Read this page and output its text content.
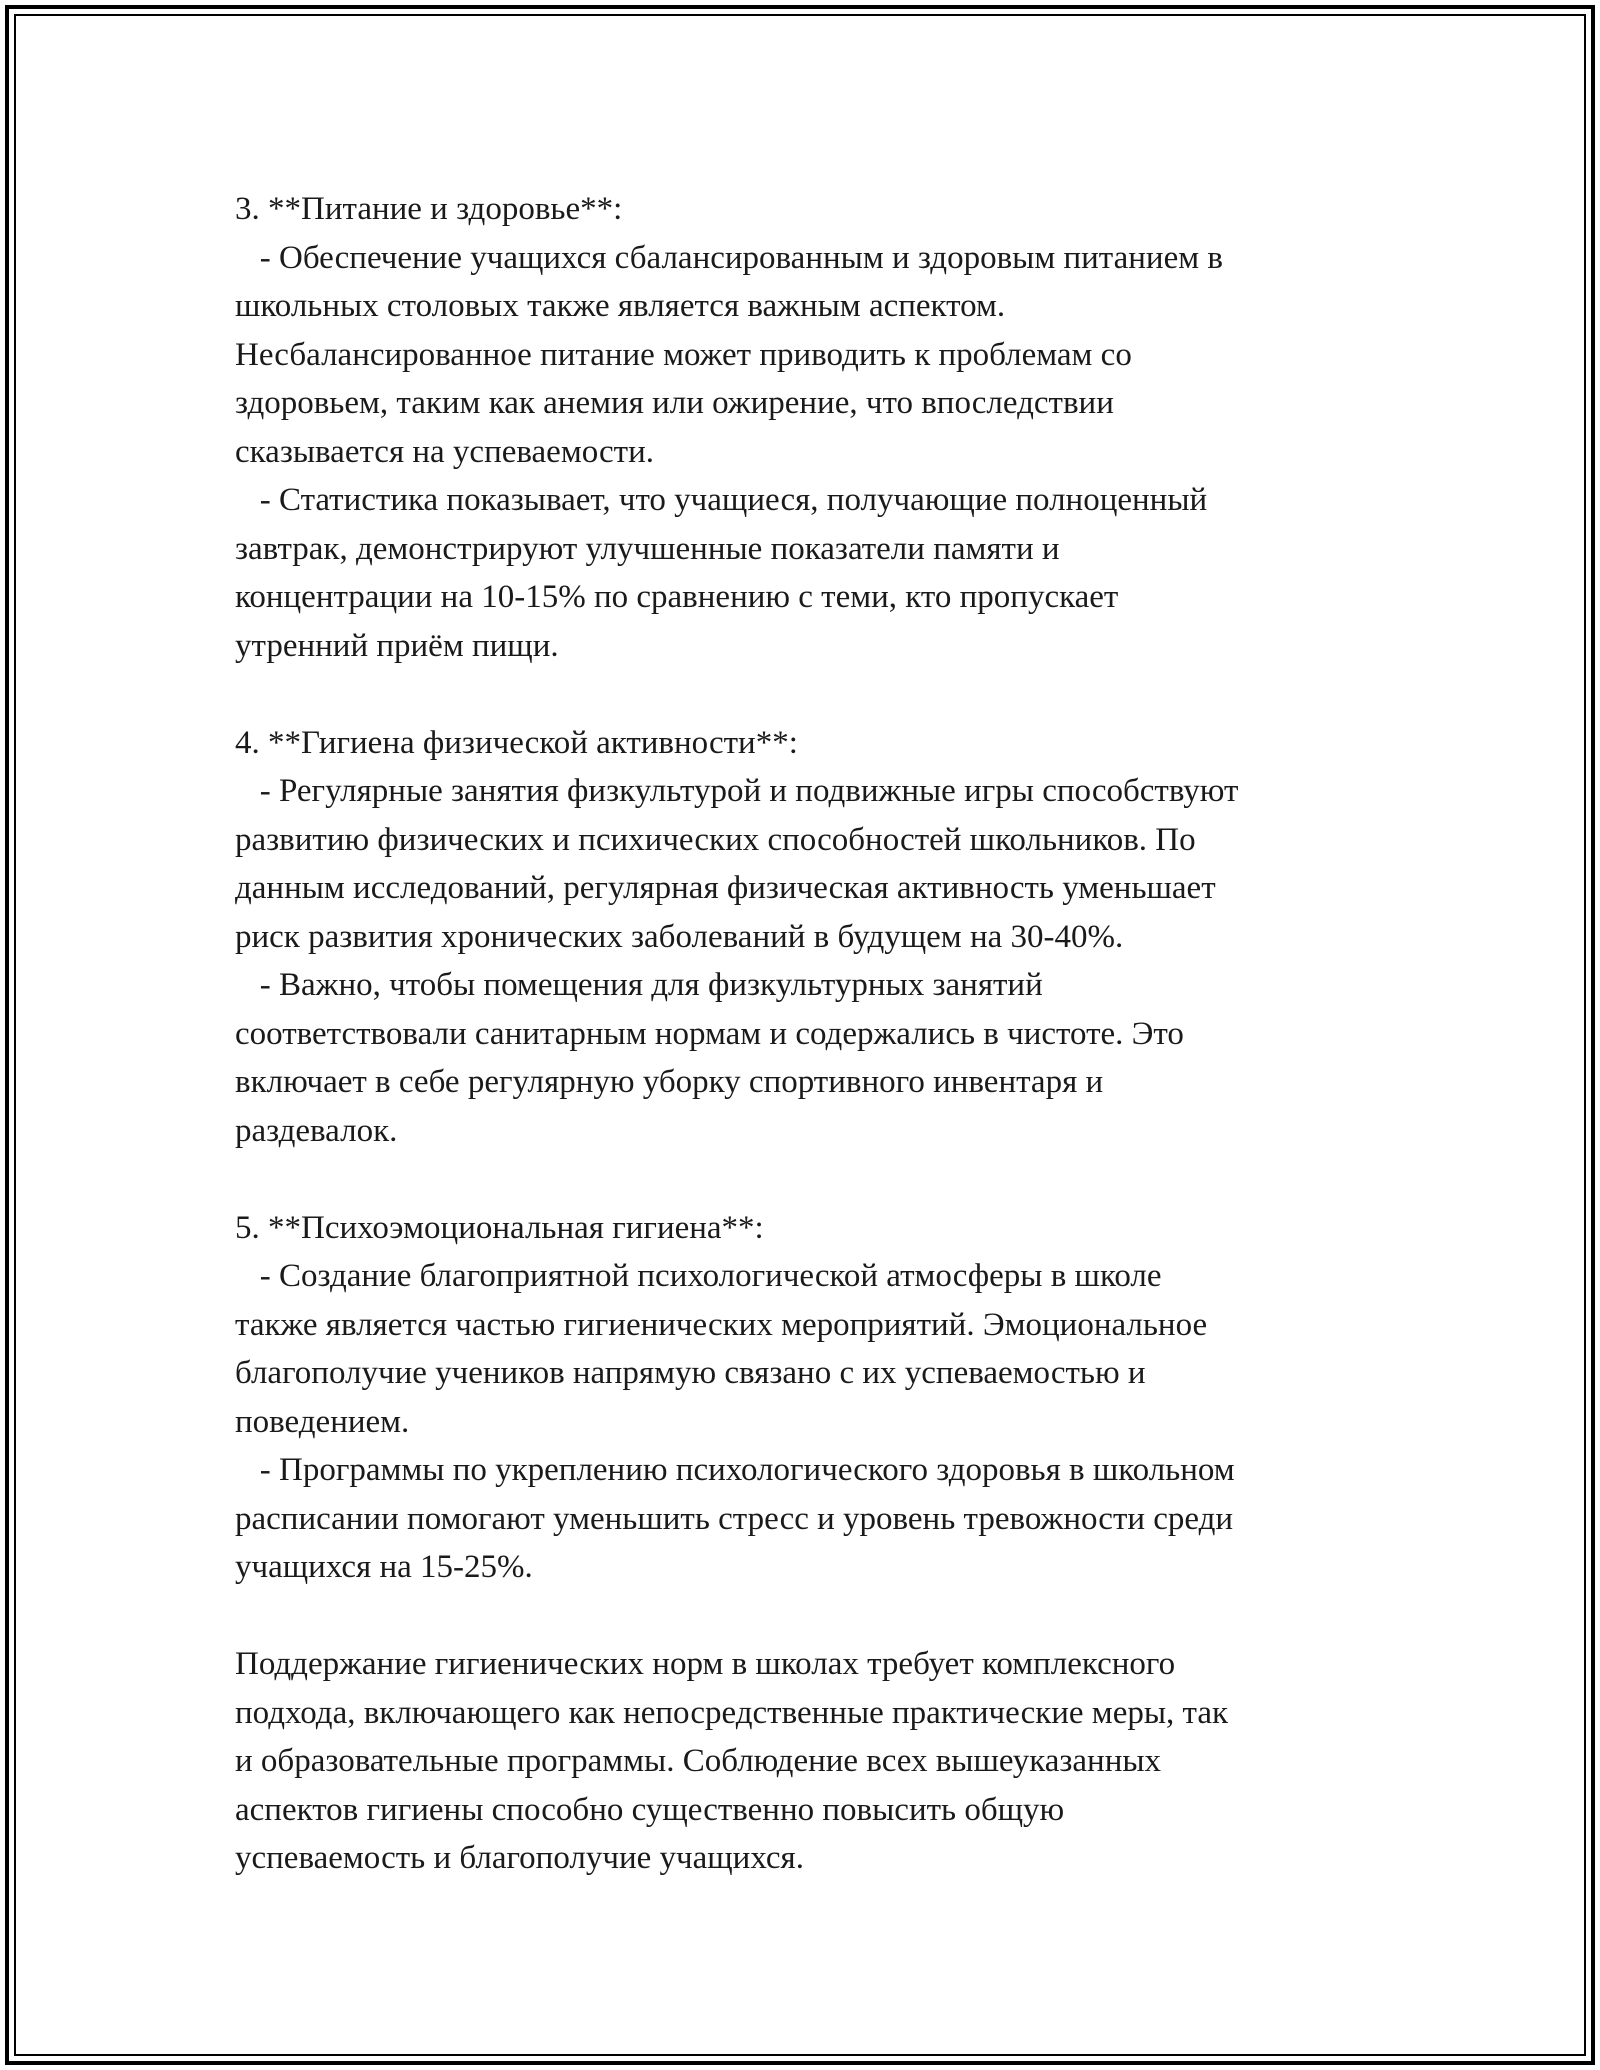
3. **Питание и здоровье**:
- Обеспечение учащихся сбалансированным и здоровым питанием в
школьных столовых также является важным аспектом.
Несбалансированное питание может приводить к проблемам со
здоровьем, таким как анемия или ожирение, что впоследствии
сказывается на успеваемости.
- Статистика показывает, что учащиеся, получающие полноценный
завтрак, демонстрируют улучшенные показатели памяти и
концентрации на 10-15% по сравнению с теми, кто пропускает
утренний приём пищи.
4. **Гигиена физической активности**:
- Регулярные занятия физкультурой и подвижные игры способствуют
развитию физических и психических способностей школьников. По
данным исследований, регулярная физическая активность уменьшает
риск развития хронических заболеваний в будущем на 30-40%.
- Важно, чтобы помещения для физкультурных занятий
соответствовали санитарным нормам и содержались в чистоте. Это
включает в себе регулярную уборку спортивного инвентаря и
раздевалок.
5. **Психоэмоциональная гигиена**:
- Создание благоприятной психологической атмосферы в школе
также является частью гигиенических мероприятий. Эмоциональное
благополучие учеников напрямую связано с их успеваемостью и
поведением.
- Программы по укреплению психологического здоровья в школьном
расписании помогают уменьшить стресс и уровень тревожности среди
учащихся на 15-25%.
Поддержание гигиенических норм в школах требует комплексного
подхода, включающего как непосредственные практические меры, так
и образовательные программы. Соблюдение всех вышеуказанных
аспектов гигиены способно существенно повысить общую
успеваемость и благополучие учащихся.
